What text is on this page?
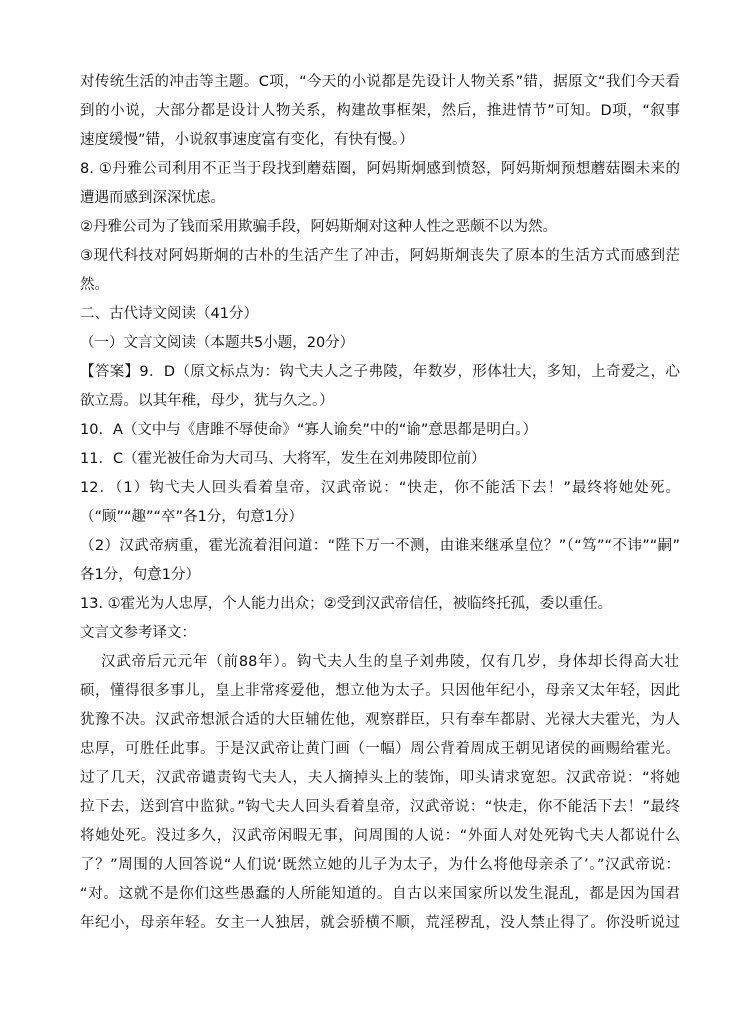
对传统生活的冲击等主题。C项，“今天的小说都是先设计人物关系”错，据原文“我们今天看
到的小说，大部分都是设计人物关系，构建故事框架，然后，推进情节”可知。D项，“叙事
速度缓慢”错，小说叙事速度富有变化，有快有慢。）
8. ①丹雅公司利用不正当于段找到蘑菇圈，阿妈斯炯感到愤怒，阿妈斯炯预想蘑菇圈未来的
遭遇而感到深深忧虑。
②丹雅公司为了钱而采用欺骗手段，阿妈斯炯对这种人性之恶颇不以为然。
③现代科技对阿妈斯炯的古朴的生活产生了冲击，阿妈斯炯丧失了原本的生活方式而感到茫
然。
二、古代诗文阅读（41分）
（一）文言文阅读（本题共5小题，20分）
【答案】9．D（原文标点为：钩弋夫人之子弗陵，年数岁，形体壮大，多知，上奇爱之，心
欲立焉。以其年稚，母少，犹与久之。）
10．A（文中与《唐雎不辱使命》“寡人谕矣”中的“谕”意思都是明白。）
11．C（霍光被任命为大司马、大将军，发生在刘弗陵即位前）
12．（1）钩弋夫人回头看着皇帝，汉武帝说：“快走，你不能活下去！”最终将她处死。
（“顾”“趣”“卒”各1分，句意1分）
（2）汉武帝病重，霍光流着泪问道：“陛下万一不测，由谁来继承皇位？”（“笃”“不讳”“嗣”
各1分，句意1分）
13. ①霍光为人忠厚，个人能力出众；②受到汉武帝信任，被临终托孤，委以重任。
文言文参考译文：
汉武帝后元元年（前88年）。钩弋夫人生的皇子刘弗陵，仅有几岁，身体却长得高大壮
硕，懂得很多事儿，皇上非常疼爱他，想立他为太子。只因他年纪小，母亲又太年轻，因此
犹豫不决。汉武帝想派合适的大臣辅佐他，观察群臣，只有奉车都尉、光禄大夫霍光，为人
忠厚，可胜任此事。于是汉武帝让黄门画（一幅）周公背着周成王朝见诸侯的画赐给霍光。
过了几天，汉武帝谴责钩弋夫人，夫人摘掉头上的装饰，叩头请求宽恕。汉武帝说：“将她
拉下去，送到宫中监狱。”钩弋夫人回头看着皇帝，汉武帝说：“快走，你不能活下去！”最终
将她处死。没过多久，汉武帝闲暇无事，问周围的人说：“外面人对处死钩弋夫人都说什么
了？”周围的人回答说“人们说‘既然立她的儿子为太子，为什么将他母亲杀了’。”汉武帝说：
“对。这就不是你们这些愚蠢的人所能知道的。自古以来国家所以发生混乱，都是因为国君
年纪小，母亲年轻。女主一人独居，就会骄横不顺，荒淫秽乱，没人禁止得了。你没听说过
